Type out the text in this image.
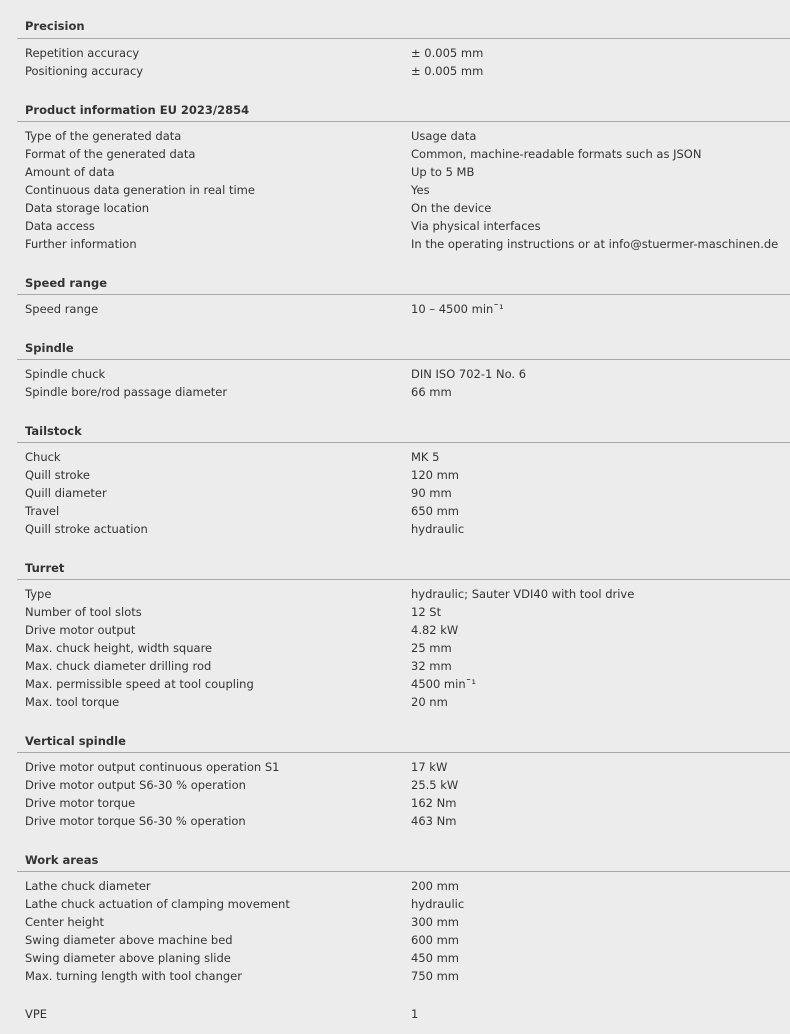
Precision
Repetition accuracy	± 0.005 mm
Positioning accuracy	± 0.005 mm
Product information EU 2023/2854
Type of the generated data	Usage data
Format of the generated data	Common, machine-readable formats such as JSON
Amount of data	Up to 5 MB
Continuous data generation in real time	Yes
Data storage location	On the device
Data access	Via physical interfaces
Further information	In the operating instructions or at info@stuermer-maschinen.de
Speed range
Speed range	10 – 4500 min¯¹
Spindle
Spindle chuck	DIN ISO 702-1 No. 6
Spindle bore/rod passage diameter	66 mm
Tailstock
Chuck	MK 5
Quill stroke	120 mm
Quill diameter	90 mm
Travel	650 mm
Quill stroke actuation	hydraulic
Turret
Type	hydraulic; Sauter VDI40 with tool drive
Number of tool slots	12 St
Drive motor output	4.82 kW
Max. chuck height, width square	25 mm
Max. chuck diameter drilling rod	32 mm
Max. permissible speed at tool coupling	4500 min¯¹
Max. tool torque	20 nm
Vertical spindle
Drive motor output continuous operation S1	17 kW
Drive motor output S6-30 % operation	25.5 kW
Drive motor torque	162 Nm
Drive motor torque S6-30 % operation	463 Nm
Work areas
Lathe chuck diameter	200 mm
Lathe chuck actuation of clamping movement	hydraulic
Center height	300 mm
Swing diameter above machine bed	600 mm
Swing diameter above planing slide	450 mm
Max. turning length with tool changer	750 mm
VPE	1
